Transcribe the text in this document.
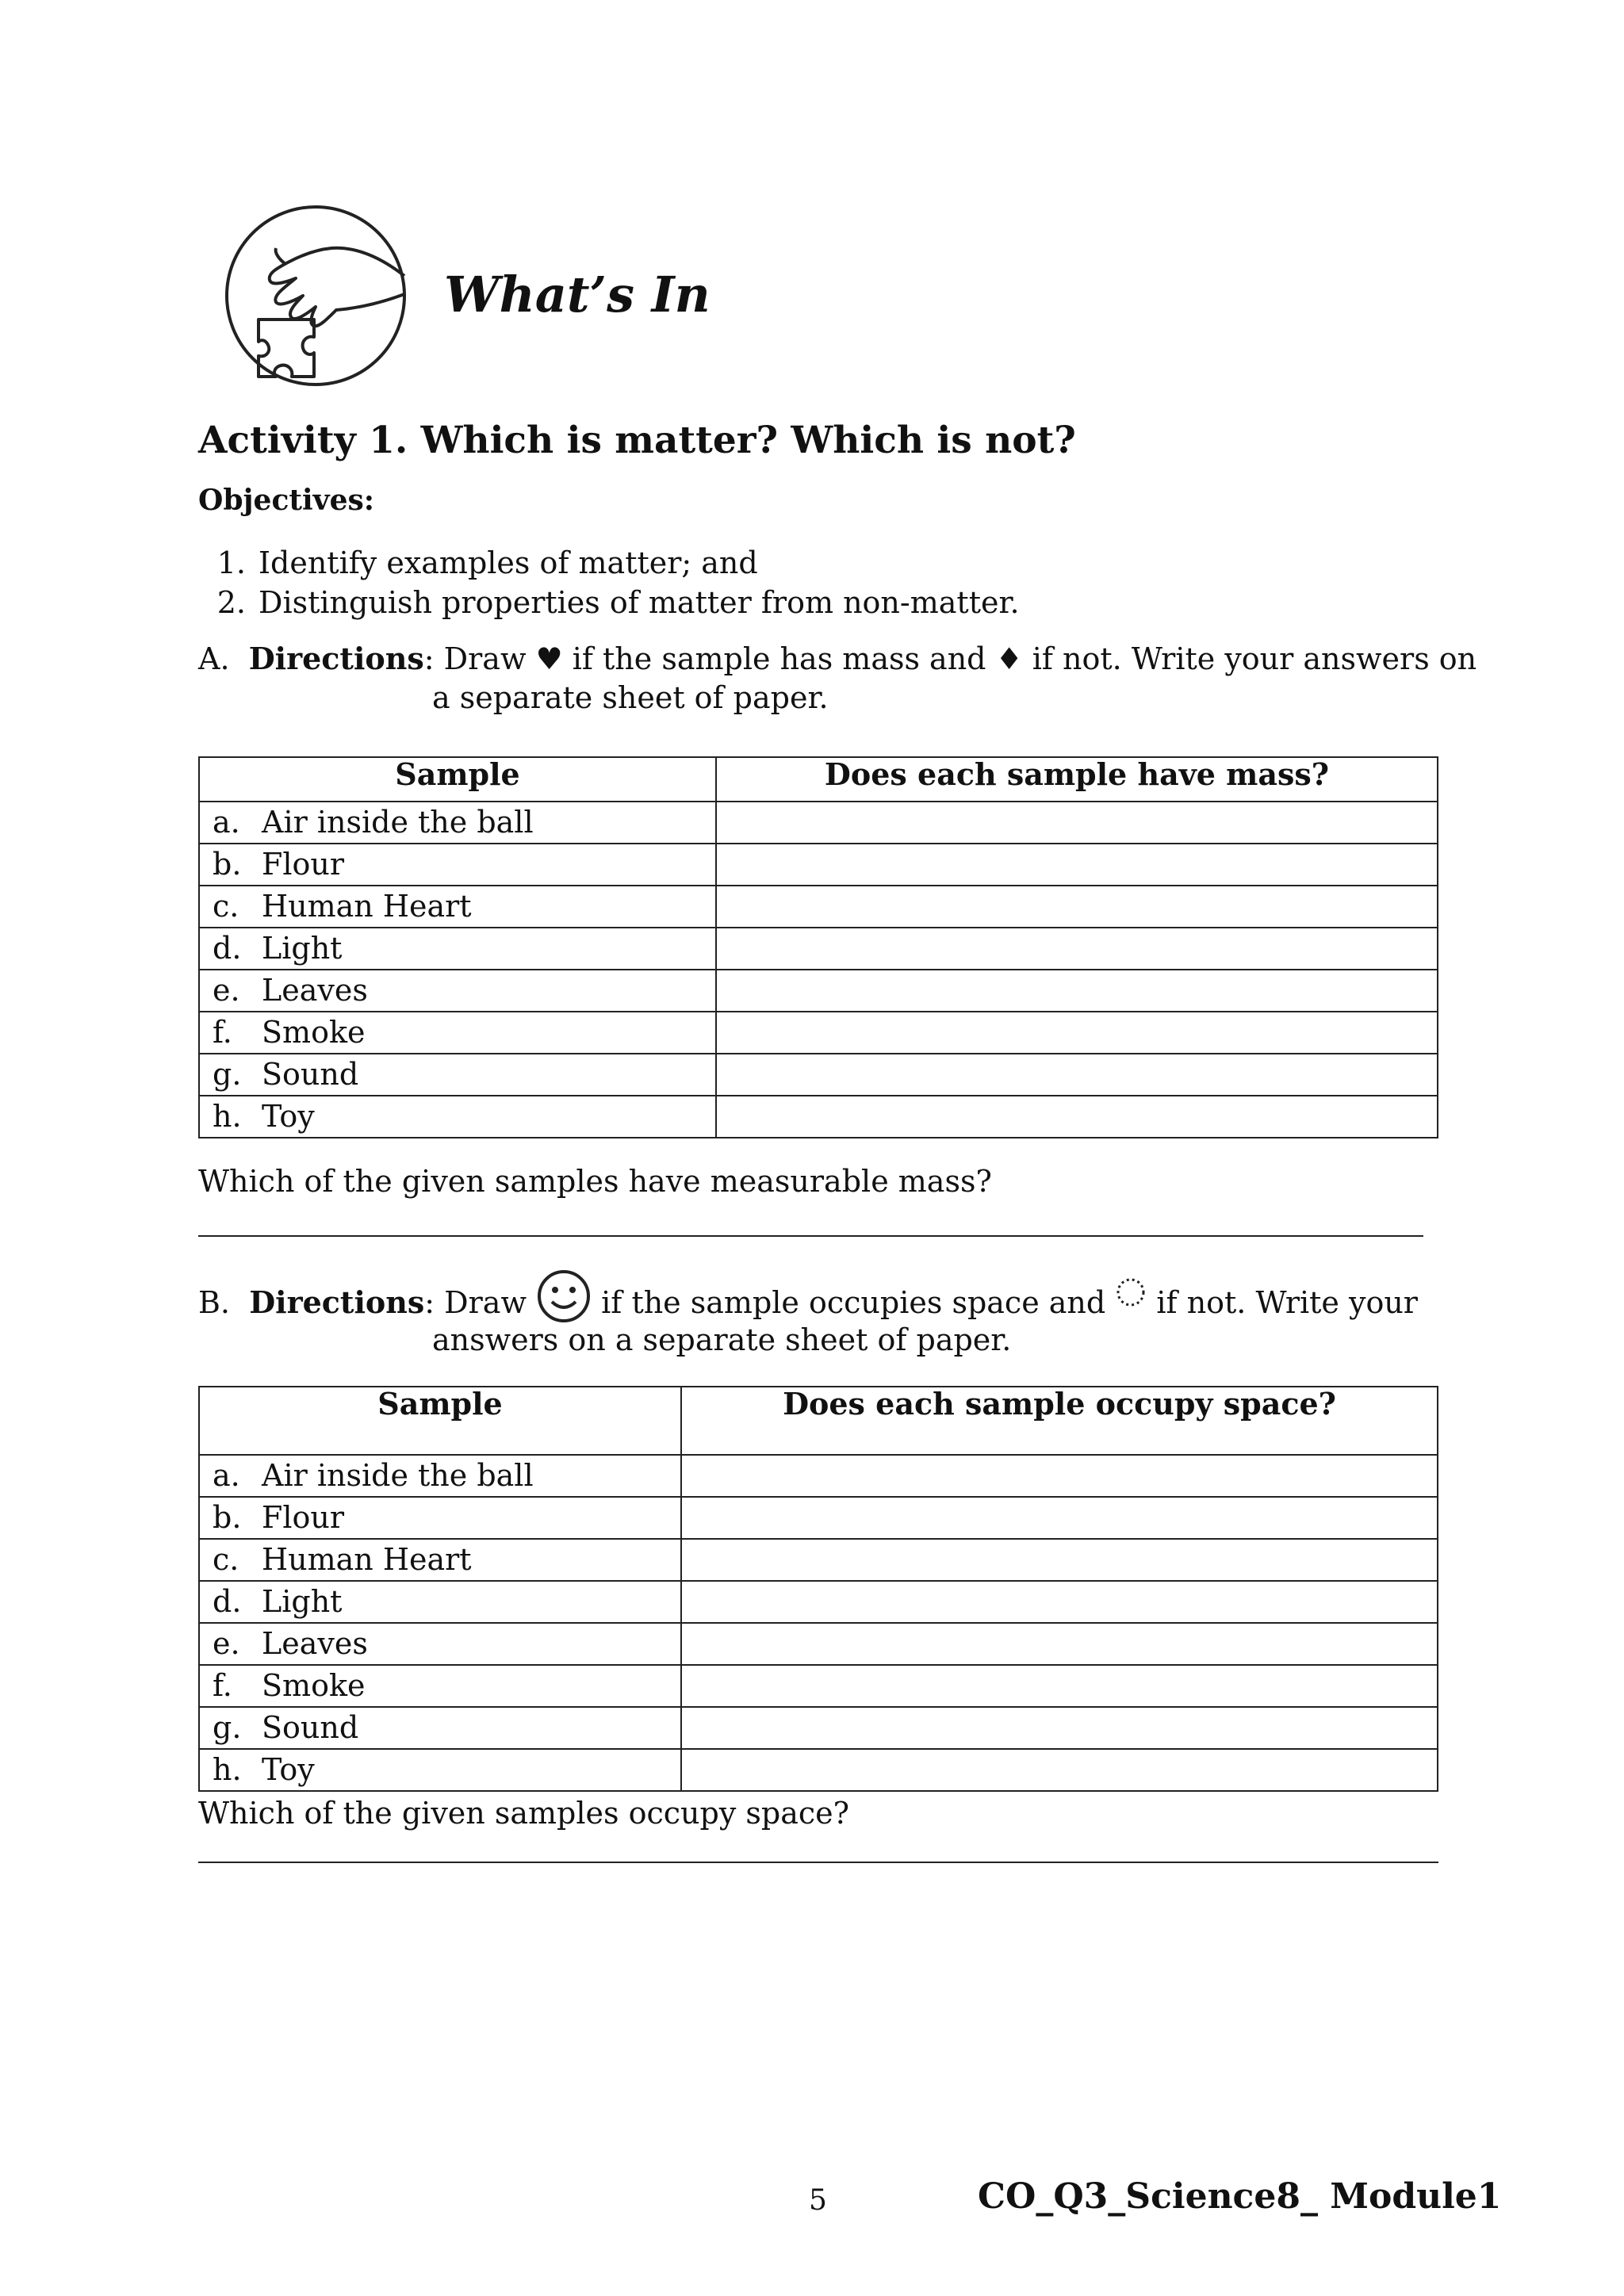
What’s In
Activity 1. Which is matter? Which is not?
Objectives:
1. Identify examples of matter; and
2. Distinguish properties of matter from non-matter.
A. Directions: Draw ♥ if the sample has mass and ♦ if not. Write your answers on
a separate sheet of paper.
Sample	Does each sample have mass?
a. Air inside the ball	
b. Flour	
c. Human Heart	
d. Light	
e. Leaves	
f. Smoke	
g. Sound	
h. Toy	
Which of the given samples have measurable mass?
B. Directions: Draw  if the sample occupies space and  if not. Write your
answers on a separate sheet of paper.
Sample	Does each sample occupy space?
a. Air inside the ball	
b. Flour	
c. Human Heart	
d. Light	
e. Leaves	
f. Smoke	
g. Sound	
h. Toy	
Which of the given samples occupy space?
5	CO_Q3_Science8_ Module1
